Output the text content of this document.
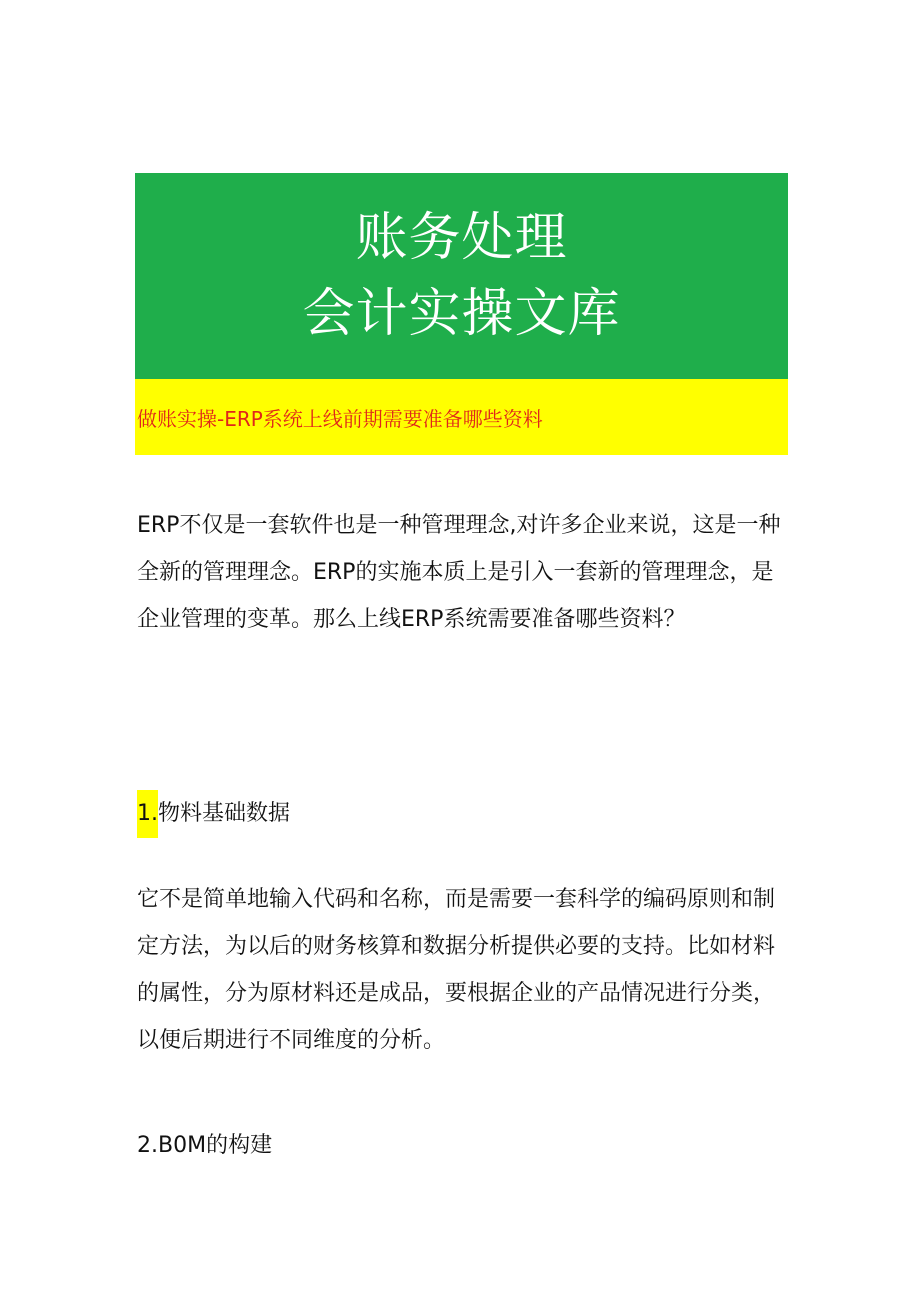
账务处理
会计实操文库
做账实操-ERP系统上线前期需要准备哪些资料

ERP不仅是一套软件也是一种管理理念,对许多企业来说，这是一种全新的管理理念。ERP的实施本质上是引入一套新的管理理念，是企业管理的变革。那么上线ERP系统需要准备哪些资料？

1.物料基础数据

它不是简单地输入代码和名称，而是需要一套科学的编码原则和制定方法，为以后的财务核算和数据分析提供必要的支持。比如材料的属性，分为原材料还是成品，要根据企业的产品情况进行分类，以便后期进行不同维度的分析。

2.B0M的构建
